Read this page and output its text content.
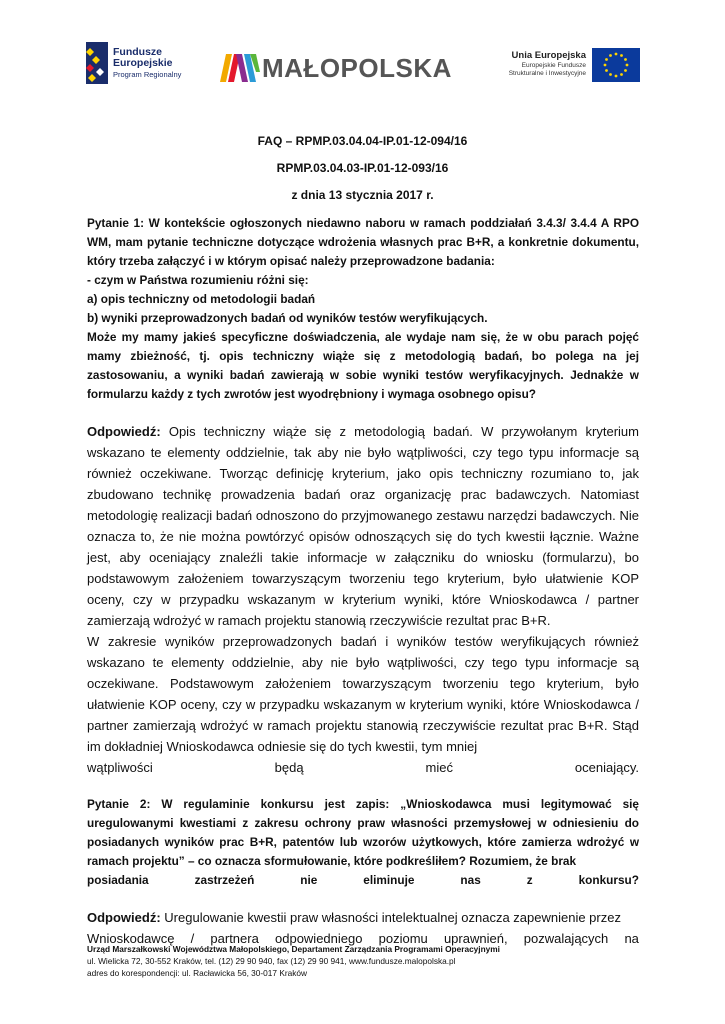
Fundusze
Europejskie
Program Regionalny	MAŁOPOLSKA	Unia Europejska
Europejskie Fundusze
Strukturalne i Inwestycyjne
FAQ – RPMP.03.04.04-IP.01-12-094/16
RPMP.03.04.03-IP.01-12-093/16
z dnia 13 stycznia 2017 r.
Pytanie 1: W kontekście ogłoszonych niedawno naboru w ramach poddziałań 3.4.3/ 3.4.4 A RPO WM, mam pytanie techniczne dotyczące wdrożenia własnych prac B+R, a konkretnie dokumentu, który trzeba załączyć i w którym opisać należy przeprowadzone badania:
- czym w Państwa rozumieniu różni się:
a) opis techniczny od metodologii badań
b) wyniki przeprowadzonych badań od wyników testów weryfikujących.
Może my mamy jakieś specyficzne doświadczenia, ale wydaje nam się, że w obu parach pojęć mamy zbieżność, tj. opis techniczny wiąże się z metodologią badań, bo polega na jej zastosowaniu, a wyniki badań zawierają w sobie wyniki testów weryfikacyjnych. Jednakże w formularzu każdy z tych zwrotów jest wyodrębniony i wymaga osobnego opisu?
Odpowiedź: Opis techniczny wiąże się z metodologią badań. W przywołanym kryterium wskazano te elementy oddzielnie, tak aby nie było wątpliwości, czy tego typu informacje są również oczekiwane. Tworząc definicję kryterium, jako opis techniczny rozumiano to, jak zbudowano technikę prowadzenia badań oraz organizację prac badawczych. Natomiast metodologię realizacji badań odnoszono do przyjmowanego zestawu narzędzi badawczych. Nie oznacza to, że nie można powtórzyć opisów odnoszących się do tych kwestii łącznie. Ważne jest, aby oceniający znaleźli takie informacje w załączniku do wniosku (formularzu), bo podstawowym założeniem towarzyszącym tworzeniu tego kryterium, było ułatwienie KOP oceny, czy w przypadku wskazanym w kryterium wyniki, które Wnioskodawca / partner zamierzają wdrożyć w ramach projektu stanowią rzeczywiście rezultat prac B+R.
W zakresie wyników przeprowadzonych badań i wyników testów weryfikujących również wskazano te elementy oddzielnie, aby nie było wątpliwości, czy tego typu informacje są oczekiwane. Podstawowym założeniem towarzyszącym tworzeniu tego kryterium, było ułatwienie KOP oceny, czy w przypadku wskazanym w kryterium wyniki, które Wnioskodawca / partner zamierzają wdrożyć w ramach projektu stanowią rzeczywiście rezultat prac B+R. Stąd im dokładniej Wnioskodawca odniesie się do tych kwestii, tym mniej
wątpliwości	będą	mieć	oceniający.
Pytanie 2: W regulaminie konkursu jest zapis: „Wnioskodawca musi legitymować się uregulowanymi kwestiami z zakresu ochrony praw własności przemysłowej w odniesieniu do posiadanych wyników prac B+R, patentów lub wzorów użytkowych, które zamierza wdrożyć w ramach projektu” – co oznacza sformułowanie, które podkreśliłem? Rozumiem, że brak
posiadania	zastrzeżeń	nie	eliminuje	nas	z	konkursu?
Odpowiedź: Uregulowanie kwestii praw własności intelektualnej oznacza zapewnienie przez
Wnioskodawcę / partnera odpowiedniego poziomu uprawnień, pozwalających na
Urząd Marszałkowski Województwa Małopolskiego, Departament Zarządzania Programami Operacyjnymi
ul. Wielicka 72, 30-552 Kraków, tel. (12) 29 90 940, fax (12) 29 90 941, www.fundusze.malopolska.pl
adres do korespondencji: ul. Racławicka 56, 30-017 Kraków
